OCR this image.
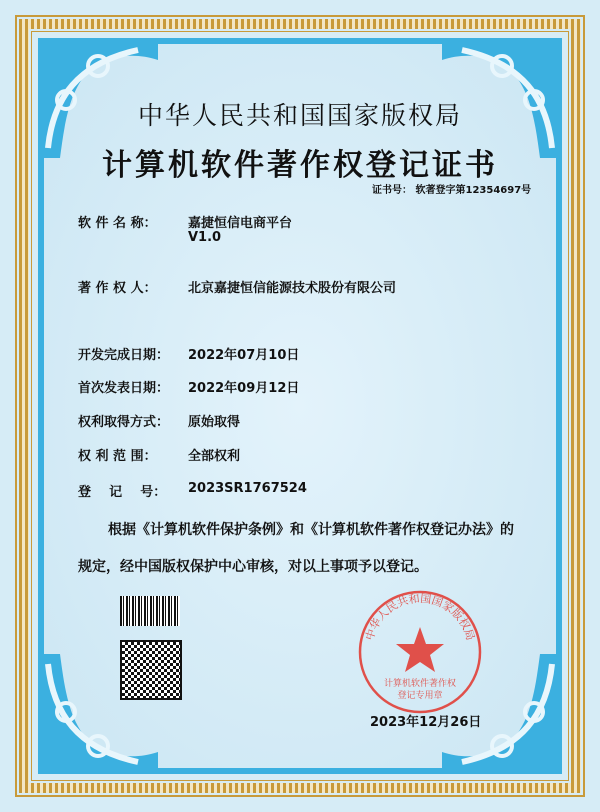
中华人民共和国国家版权局
计算机软件著作权登记证书
证书号： 软著登字第12354697号
软 件 名 称： 嘉捷恒信电商平台
V1.0
著 作 权 人： 北京嘉捷恒信能源技术股份有限公司
开发完成日期： 2022年07月10日
首次发表日期： 2022年09月12日
权利取得方式： 原始取得
权 利 范 围： 全部权利
登    记    号： 2023SR1767524
根据《计算机软件保护条例》和《计算机软件著作权登记办法》的
规定，经中国版权保护中心审核，对以上事项予以登记。
中华人民共和国国家版权局
计算机软件著作权
登记专用章
2023年12月26日
